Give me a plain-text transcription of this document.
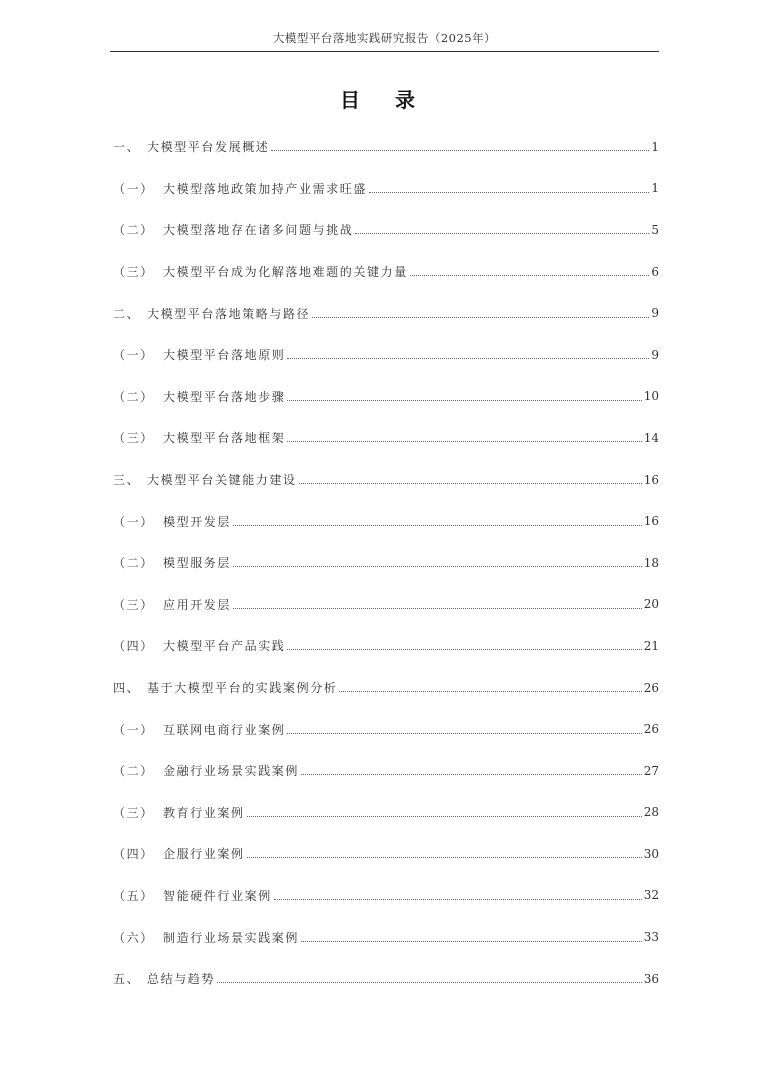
大模型平台落地实践研究报告（2025年）
目 录
一、 大模型平台发展概述	1
（一） 大模型落地政策加持产业需求旺盛	1
（二） 大模型落地存在诸多问题与挑战	5
（三） 大模型平台成为化解落地难题的关键力量	6
二、 大模型平台落地策略与路径	9
（一） 大模型平台落地原则	9
（二） 大模型平台落地步骤	10
（三） 大模型平台落地框架	14
三、 大模型平台关键能力建设	16
（一） 模型开发层	16
（二） 模型服务层	18
（三） 应用开发层	20
（四） 大模型平台产品实践	21
四、 基于大模型平台的实践案例分析	26
（一） 互联网电商行业案例	26
（二） 金融行业场景实践案例	27
（三） 教育行业案例	28
（四） 企服行业案例	30
（五） 智能硬件行业案例	32
（六） 制造行业场景实践案例	33
五、 总结与趋势	36
